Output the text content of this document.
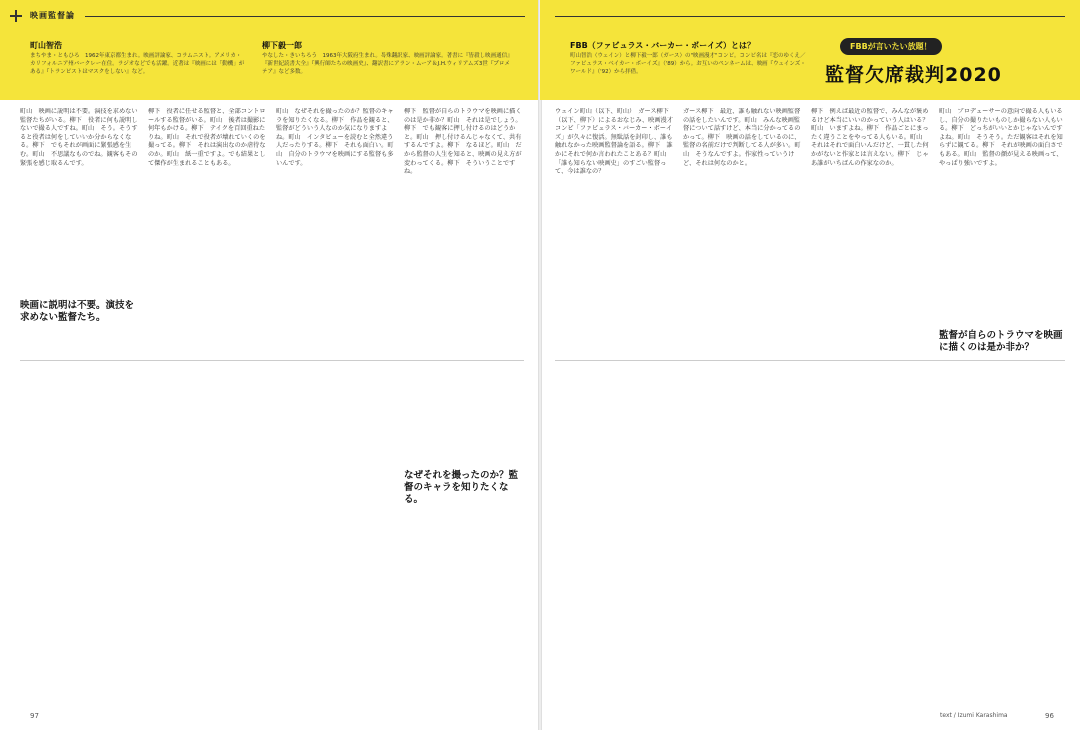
映画監督論
町山智浩
まちやま・ともひろ　1962年東京都生まれ。映画評論家、コラムニスト。アメリカ・カリフォルニア州バークレー在住。ラジオなどでも活躍。近著は『映画には「動機」がある』『トランピストはマスクをしない』など。
柳下毅一郎
やなした・きいちろう　1963年大阪府生まれ。특殊翻訳家、映画評論家。著書に『皆殺し映画通信』『新世紀読書大全』『興行師たちの映画史』、翻訳書にアラン・ムーア＆J.H.ウィリアムズ3世『プロメテア』など多数。
町山　映画に説明は不要。演技を求めない監督たちがいる。柳下　役者に何も説明しないで撮る人ですね。町山　そう。そうすると役者は何をしていいか分からなくなる。柳下　でもそれが画面に緊張感を生む。町山　不思議なものでね。観客もその緊張を感じ取るんです。
映画に説明は不要。演技を求めない監督たち。
柳下　役者に任せる監督と、全部コントロールする監督がいる。町山　後者は撮影に何年もかける。柳下　テイクを百回重ねたりね。町山　それで役者が壊れていくのを撮ってる。柳下　それは演出なのか虐待なのか。町山　紙一重ですよ。でも結果として傑作が生まれることもある。
町山　なぜそれを撮ったのか？監督のキャラを知りたくなる。柳下　作品を観ると、監督がどういう人なのか気になりますよね。町山　インタビューを読むと全然違う人だったりする。柳下　それも面白い。町山　自分のトラウマを映画にする監督も多いんです。
なぜそれを撮ったのか？監督のキャラを知りたくなる。
柳下　監督が自らのトラウマを映画に描くのは是か非か？町山　それは是でしょう。柳下　でも観客に押し付けるのはどうかと。町山　押し付けるんじゃなくて、共有するんですよ。柳下　なるほど。町山　だから監督の人生を知ると、映画の見え方が変わってくる。柳下　そういうことですね。
97
FBB（ファビュラス・バーカー・ボーイズ）とは？
町山智浩（ウェイン）と柳下毅一郎（ガース）の"映画漫才"コンビ。コンビ名は『恋のゆくえ／ファビュラス・ベイカー・ボーイズ』（'89）から。お互いのペンネームは、映画『ウェインズ・ワールド』（'92）から拝借。
FBBが言いたい放題！
監督欠席裁判2020
ウェイン町山（以下、町山）　ガース柳下（以下、柳下）によるおなじみ、映画漫才コンビ「ファビュラス・バーカー・ボーイズ」が久々に復活。無駄話を封印し、誰も触れなかった映画監督論を語る。柳下　誰かにそれで何か言われたことある？町山　「誰も知らない映画史」のすごい監督って、今は誰なの？
ガース柳下　最近、誰も触れない映画監督の話をしたいんです。町山　みんな映画監督について話すけど、本当に分かってるのかって。柳下　映画の話をしているのに、監督の名前だけで判断してる人が多い。町山　そうなんですよ。作家性っていうけど、それは何なのかと。
柳下　例えば最近の監督で、みんなが褒めるけど本当にいいのかっていう人はいる？町山　いますよね。柳下　作品ごとにまったく違うことをやってる人もいる。町山　それはそれで面白いんだけど、一貫した何かがないと作家とは言えない。柳下　じゃあ誰がいちばんの作家なのか。
監督が自らのトラウマを映画に描くのは是か非か？
町山　プロデューサーの意向で撮る人もいるし、自分の撮りたいものしか撮らない人もいる。柳下　どっちがいいとかじゃないんですよね。町山　そうそう。ただ観客はそれを知らずに観てる。柳下　それが映画の面白さでもある。町山　監督の顔が見える映画って、やっぱり強いですよ。
text / Izumi Karashima	96
